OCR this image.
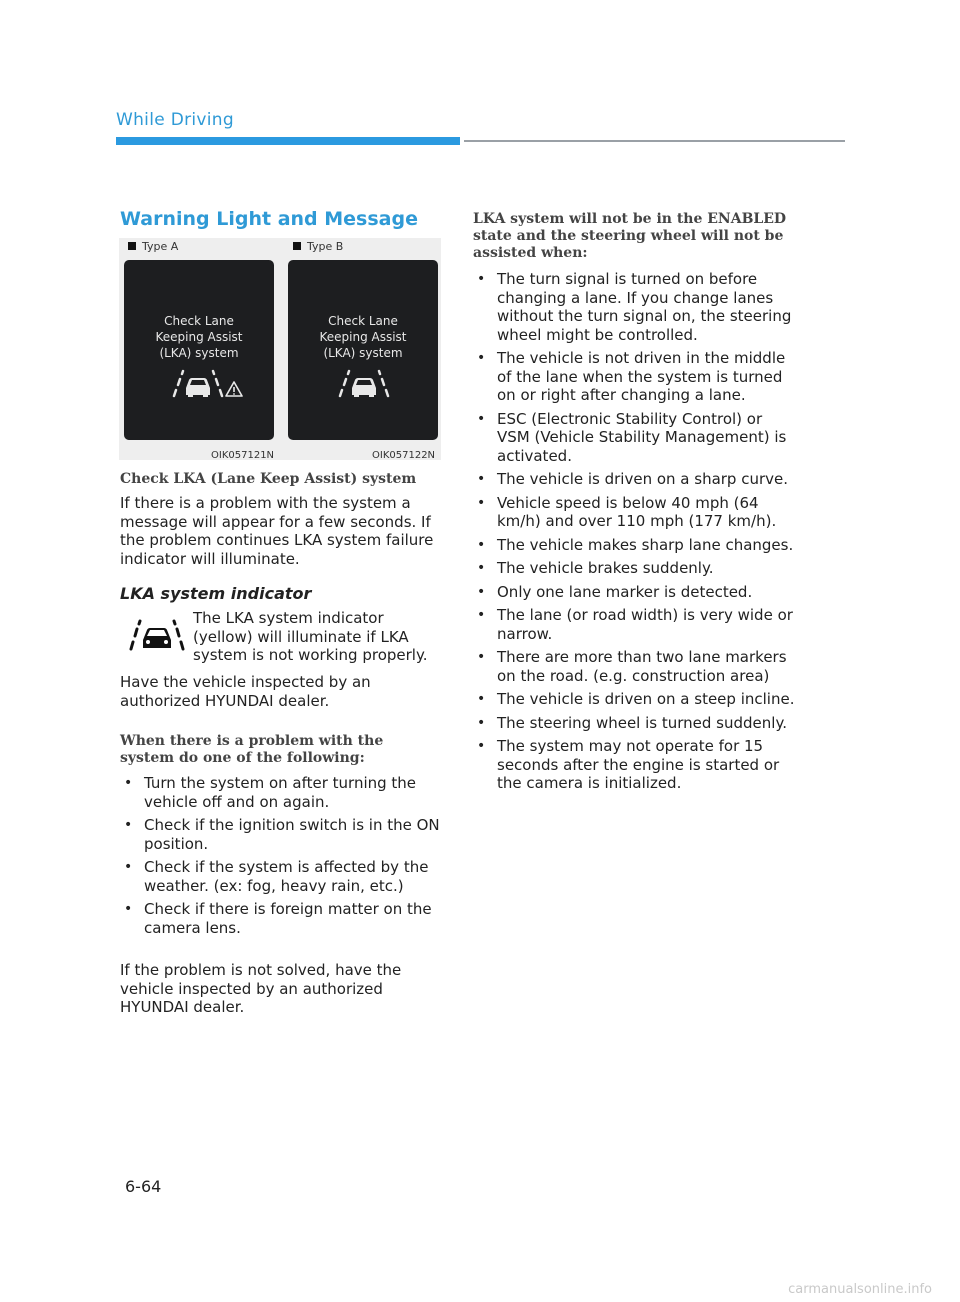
While Driving
Warning Light and Message
Type A	Type B
Check Lane
Keeping Assist
(LKA) system
Check Lane
Keeping Assist
(LKA) system
OIK057121N	OIK057122N
Check LKA (Lane Keep Assist) system
If there is a problem with the system a message will appear for a few seconds. If the problem continues LKA system failure indicator will illuminate.
LKA system indicator
The LKA system indicator (yellow) will illuminate if LKA system is not working properly.
Have the vehicle inspected by an authorized HYUNDAI dealer.
When there is a problem with the system do one of the following:
• Turn the system on after turning the vehicle off and on again.
• Check if the ignition switch is in the ON position.
• Check if the system is affected by the weather. (ex: fog, heavy rain, etc.)
• Check if there is foreign matter on the camera lens.
If the problem is not solved, have the vehicle inspected by an authorized HYUNDAI dealer.
LKA system will not be in the ENABLED state and the steering wheel will not be assisted when:
• The turn signal is turned on before changing a lane. If you change lanes without the turn signal on, the steering wheel might be controlled.
• The vehicle is not driven in the middle of the lane when the system is turned on or right after changing a lane.
• ESC (Electronic Stability Control) or VSM (Vehicle Stability Management) is activated.
• The vehicle is driven on a sharp curve.
• Vehicle speed is below 40 mph (64 km/h) and over 110 mph (177 km/h).
• The vehicle makes sharp lane changes.
• The vehicle brakes suddenly.
• Only one lane marker is detected.
• The lane (or road width) is very wide or narrow.
• There are more than two lane markers on the road. (e.g. construction area)
• The vehicle is driven on a steep incline.
• The steering wheel is turned suddenly.
• The system may not operate for 15 seconds after the engine is started or the camera is initialized.
6-64
carmanualsonline.info
